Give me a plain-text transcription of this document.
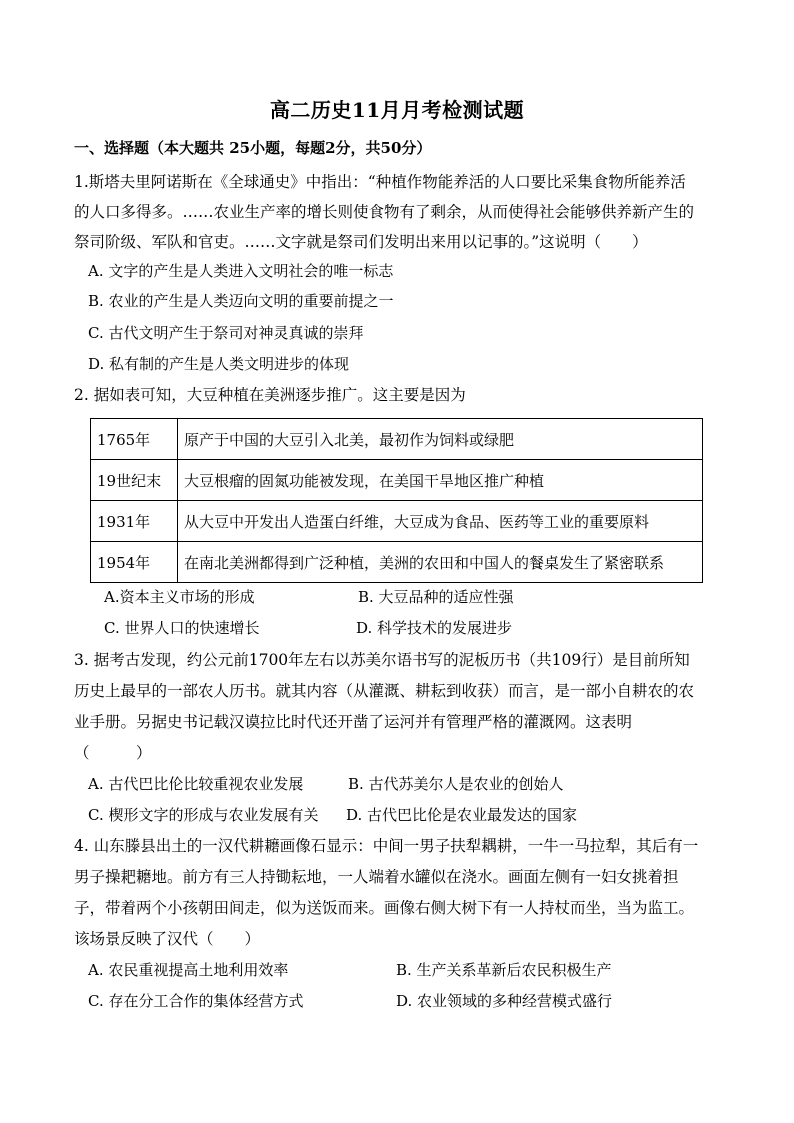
高二历史11月月考检测试题
一、选择题（本大题共 25小题，每题2分，共50分）
1.斯塔夫里阿诺斯在《全球通史》中指出：“种植作物能养活的人口要比采集食物所能养活
的人口多得多。……农业生产率的增长则使食物有了剩余，从而使得社会能够供养新产生的
祭司阶级、军队和官吏。……文字就是祭司们发明出来用以记事的。”这说明（　　）
A. 文字的产生是人类进入文明社会的唯一标志
B. 农业的产生是人类迈向文明的重要前提之一
C. 古代文明产生于祭司对神灵真诚的崇拜
D. 私有制的产生是人类文明进步的体现
2. 据如表可知，大豆种植在美洲逐步推广。这主要是因为
1765年	原产于中国的大豆引入北美，最初作为饲料或绿肥
19世纪末	大豆根瘤的固氮功能被发现，在美国干旱地区推广种植
1931年	从大豆中开发出人造蛋白纤维，大豆成为食品、医药等工业的重要原料
1954年	在南北美洲都得到广泛种植，美洲的农田和中国人的餐桌发生了紧密联系
A.资本主义市场的形成	B. 大豆品种的适应性强
C. 世界人口的快速增长	D. 科学技术的发展进步
3. 据考古发现，约公元前1700年左右以苏美尔语书写的泥板历书（共109行）是目前所知
历史上最早的一部农人历书。就其内容（从灌溉、耕耘到收获）而言，是一部小自耕农的农
业手册。另据史书记载汉谟拉比时代还开凿了运河并有管理严格的灌溉网。这表明
（　　　）
A. 古代巴比伦比较重视农业发展	B. 古代苏美尔人是农业的创始人
C. 楔形文字的形成与农业发展有关 D. 古代巴比伦是农业最发达的国家
4. 山东滕县出土的一汉代耕耱画像石显示：中间一男子扶犁耦耕，一牛一马拉犁，其后有一
男子操耙耱地。前方有三人持锄耘地，一人端着水罐似在浇水。画面左侧有一妇女挑着担
子，带着两个小孩朝田间走，似为送饭而来。画像右侧大树下有一人持杖而坐，当为监工。
该场景反映了汉代（　　）
A. 农民重视提高土地利用效率	B. 生产关系革新后农民积极生产
C. 存在分工合作的集体经营方式	D. 农业领域的多种经营模式盛行
